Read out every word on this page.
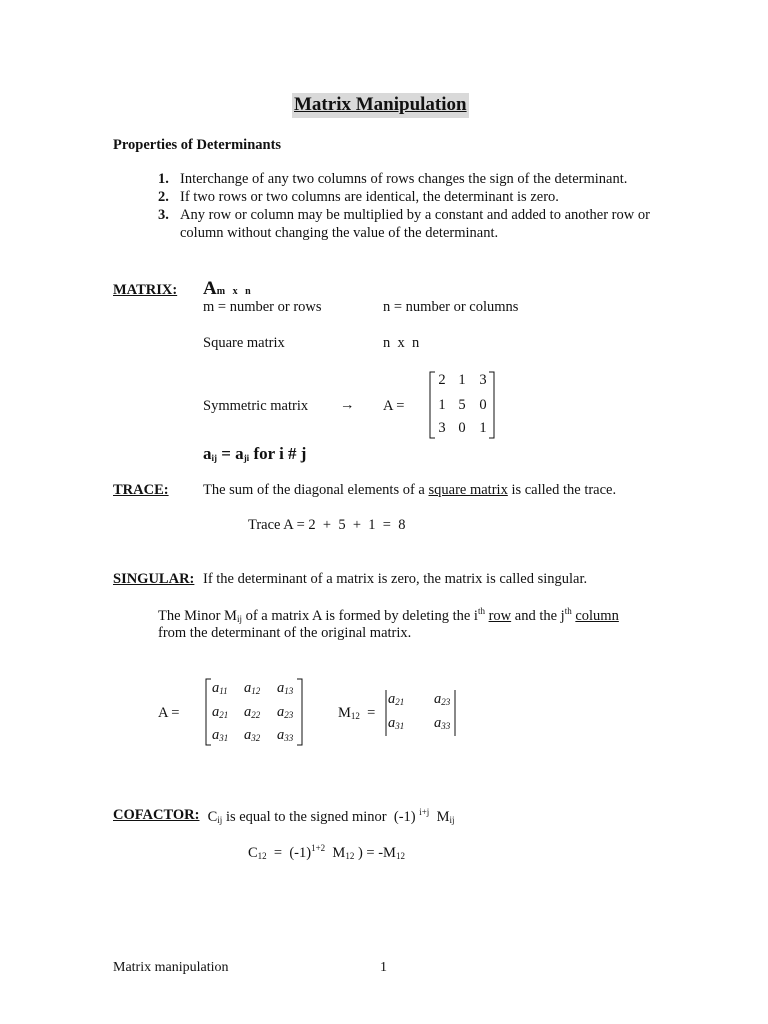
Matrix Manipulation
Properties of Determinants
1. Interchange of any two columns of rows changes the sign of the determinant.
2. If two rows or two columns are identical, the determinant is zero.
3. Any row or column may be multiplied by a constant and added to another row or column without changing the value of the determinant.
MATRIX: Am   x   n
m = number or rows	n = number or columns
Square matrix	n  x  n
Symmetric matrix → A =
2 1 3
1 5 0
3 0 1
$a_{ij} = a_{ji}$ for i # j
TRACE: The sum of the diagonal elements of a square matrix is called the trace.
Trace A = 2  +  5  +  1  =  8
SINGULAR: If the determinant of a matrix is zero, the matrix is called singular.
The Minor $M_{ij}$ of a matrix A is formed by deleting the $i^{th}$ row and the $j^{th}$ column
from the determinant of the original matrix.
A =
$a_{11}$ $a_{12}$ $a_{13}$
$a_{21}$ $a_{22}$ $a_{23}$
$a_{31}$ $a_{32}$ $a_{33}$
$M_{12}$  =
$a_{21}$ $a_{23}$
$a_{31}$ $a_{33}$
COFACTOR: $C_{ij}$ is equal to the signed minor  (-1) $^{i+j}$  $M_{ij}$
$C_{12} = (-1)^{1+2}$  $M_{12}$ ) = $-M_{12}$
Matrix manipulation	1
